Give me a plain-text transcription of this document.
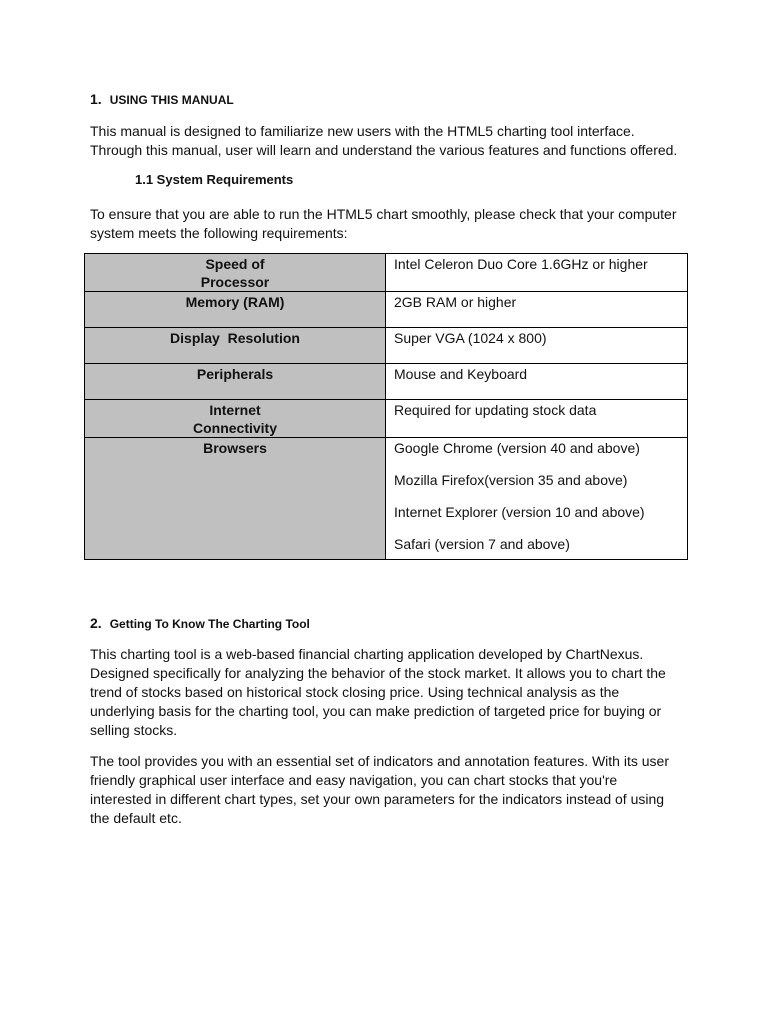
1. USING THIS MANUAL

This manual is designed to familiarize new users with the HTML5 charting tool interface. Through this manual, user will learn and understand the various features and functions offered.

1.1 System Requirements

To ensure that you are able to run the HTML5 chart smoothly, please check that your computer system meets the following requirements:

Speed of
Processor	Intel Celeron Duo Core 1.6GHz or higher
Memory (RAM)	2GB RAM or higher
Display  Resolution	Super VGA (1024 x 800)
Peripherals	Mouse and Keyboard
Internet
Connectivity	Required for updating stock data
Browsers	Google Chrome (version 40 and above)
Mozilla Firefox(version 35 and above)
Internet Explorer (version 10 and above)
Safari (version 7 and above)
2. Getting To Know The Charting Tool

This charting tool is a web-based financial charting application developed by ChartNexus. Designed specifically for analyzing the behavior of the stock market. It allows you to chart the trend of stocks based on historical stock closing price. Using technical analysis as the underlying basis for the charting tool, you can make prediction of targeted price for buying or selling stocks.

The tool provides you with an essential set of indicators and annotation features. With its user friendly graphical user interface and easy navigation, you can chart stocks that you're interested in different chart types, set your own parameters for the indicators instead of using the default etc.
